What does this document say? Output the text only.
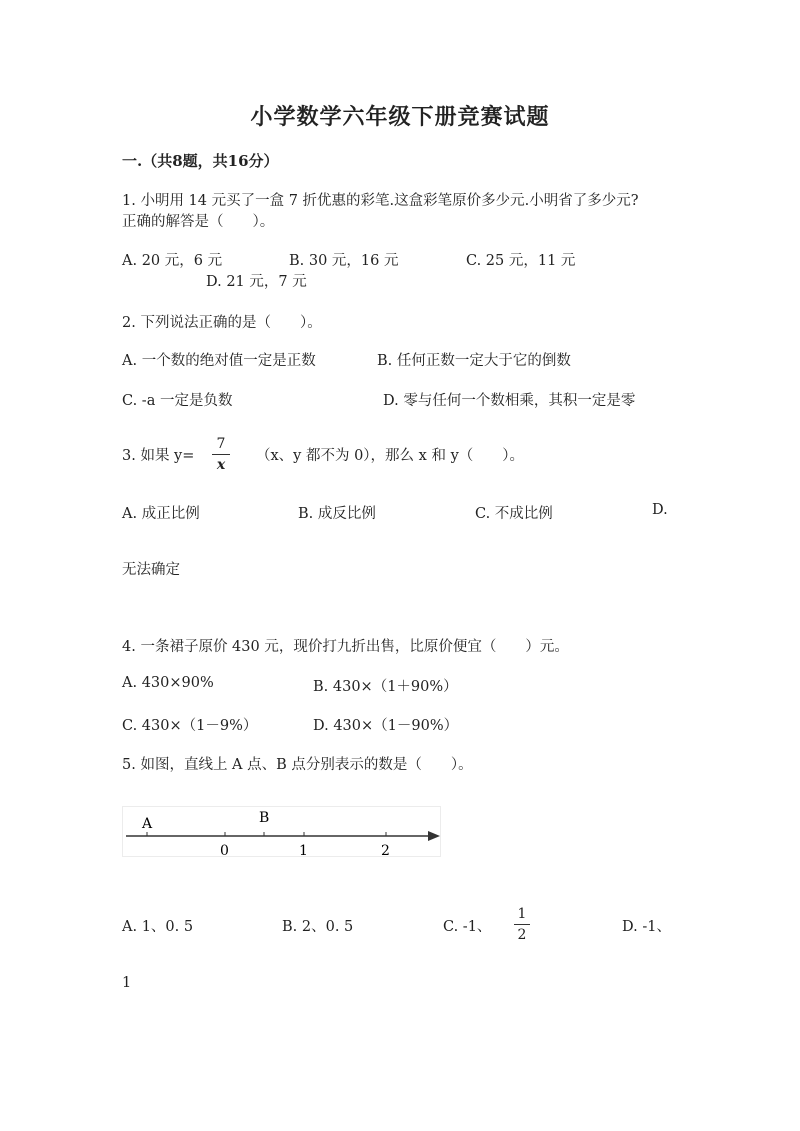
小学数学六年级下册竞赛试题
一.（共8题，共16分）
1. 小明用 14 元买了一盒 7 折优惠的彩笔.这盒彩笔原价多少元.小明省了多少元?
正确的解答是（　　）。
A. 20 元，6 元	B. 30 元，16 元	C. 25 元，11 元
D. 21 元，7 元
2. 下列说法正确的是（　　）。
A. 一个数的绝对值一定是正数	B. 任何正数一定大于它的倒数
C. -a 一定是负数	D. 零与任何一个数相乘，其积一定是零
3. 如果 y=
7
x
（x、y 都不为 0），那么 x 和 y（　　）。
A. 成正比例	B. 成反比例	C. 不成比例	D.
无法确定
4. 一条裙子原价 430 元，现价打九折出售，比原价便宜（　　）元。
A. 430×90%	B. 430×（1＋90%）
C. 430×（1－9%）	D. 430×（1－90%）
5. 如图，直线上 A 点、B 点分别表示的数是（　　）。
A	B
0	1	2
A. 1、0. 5	B. 2、0. 5	C. -1、
1
2	D. -1、
1
